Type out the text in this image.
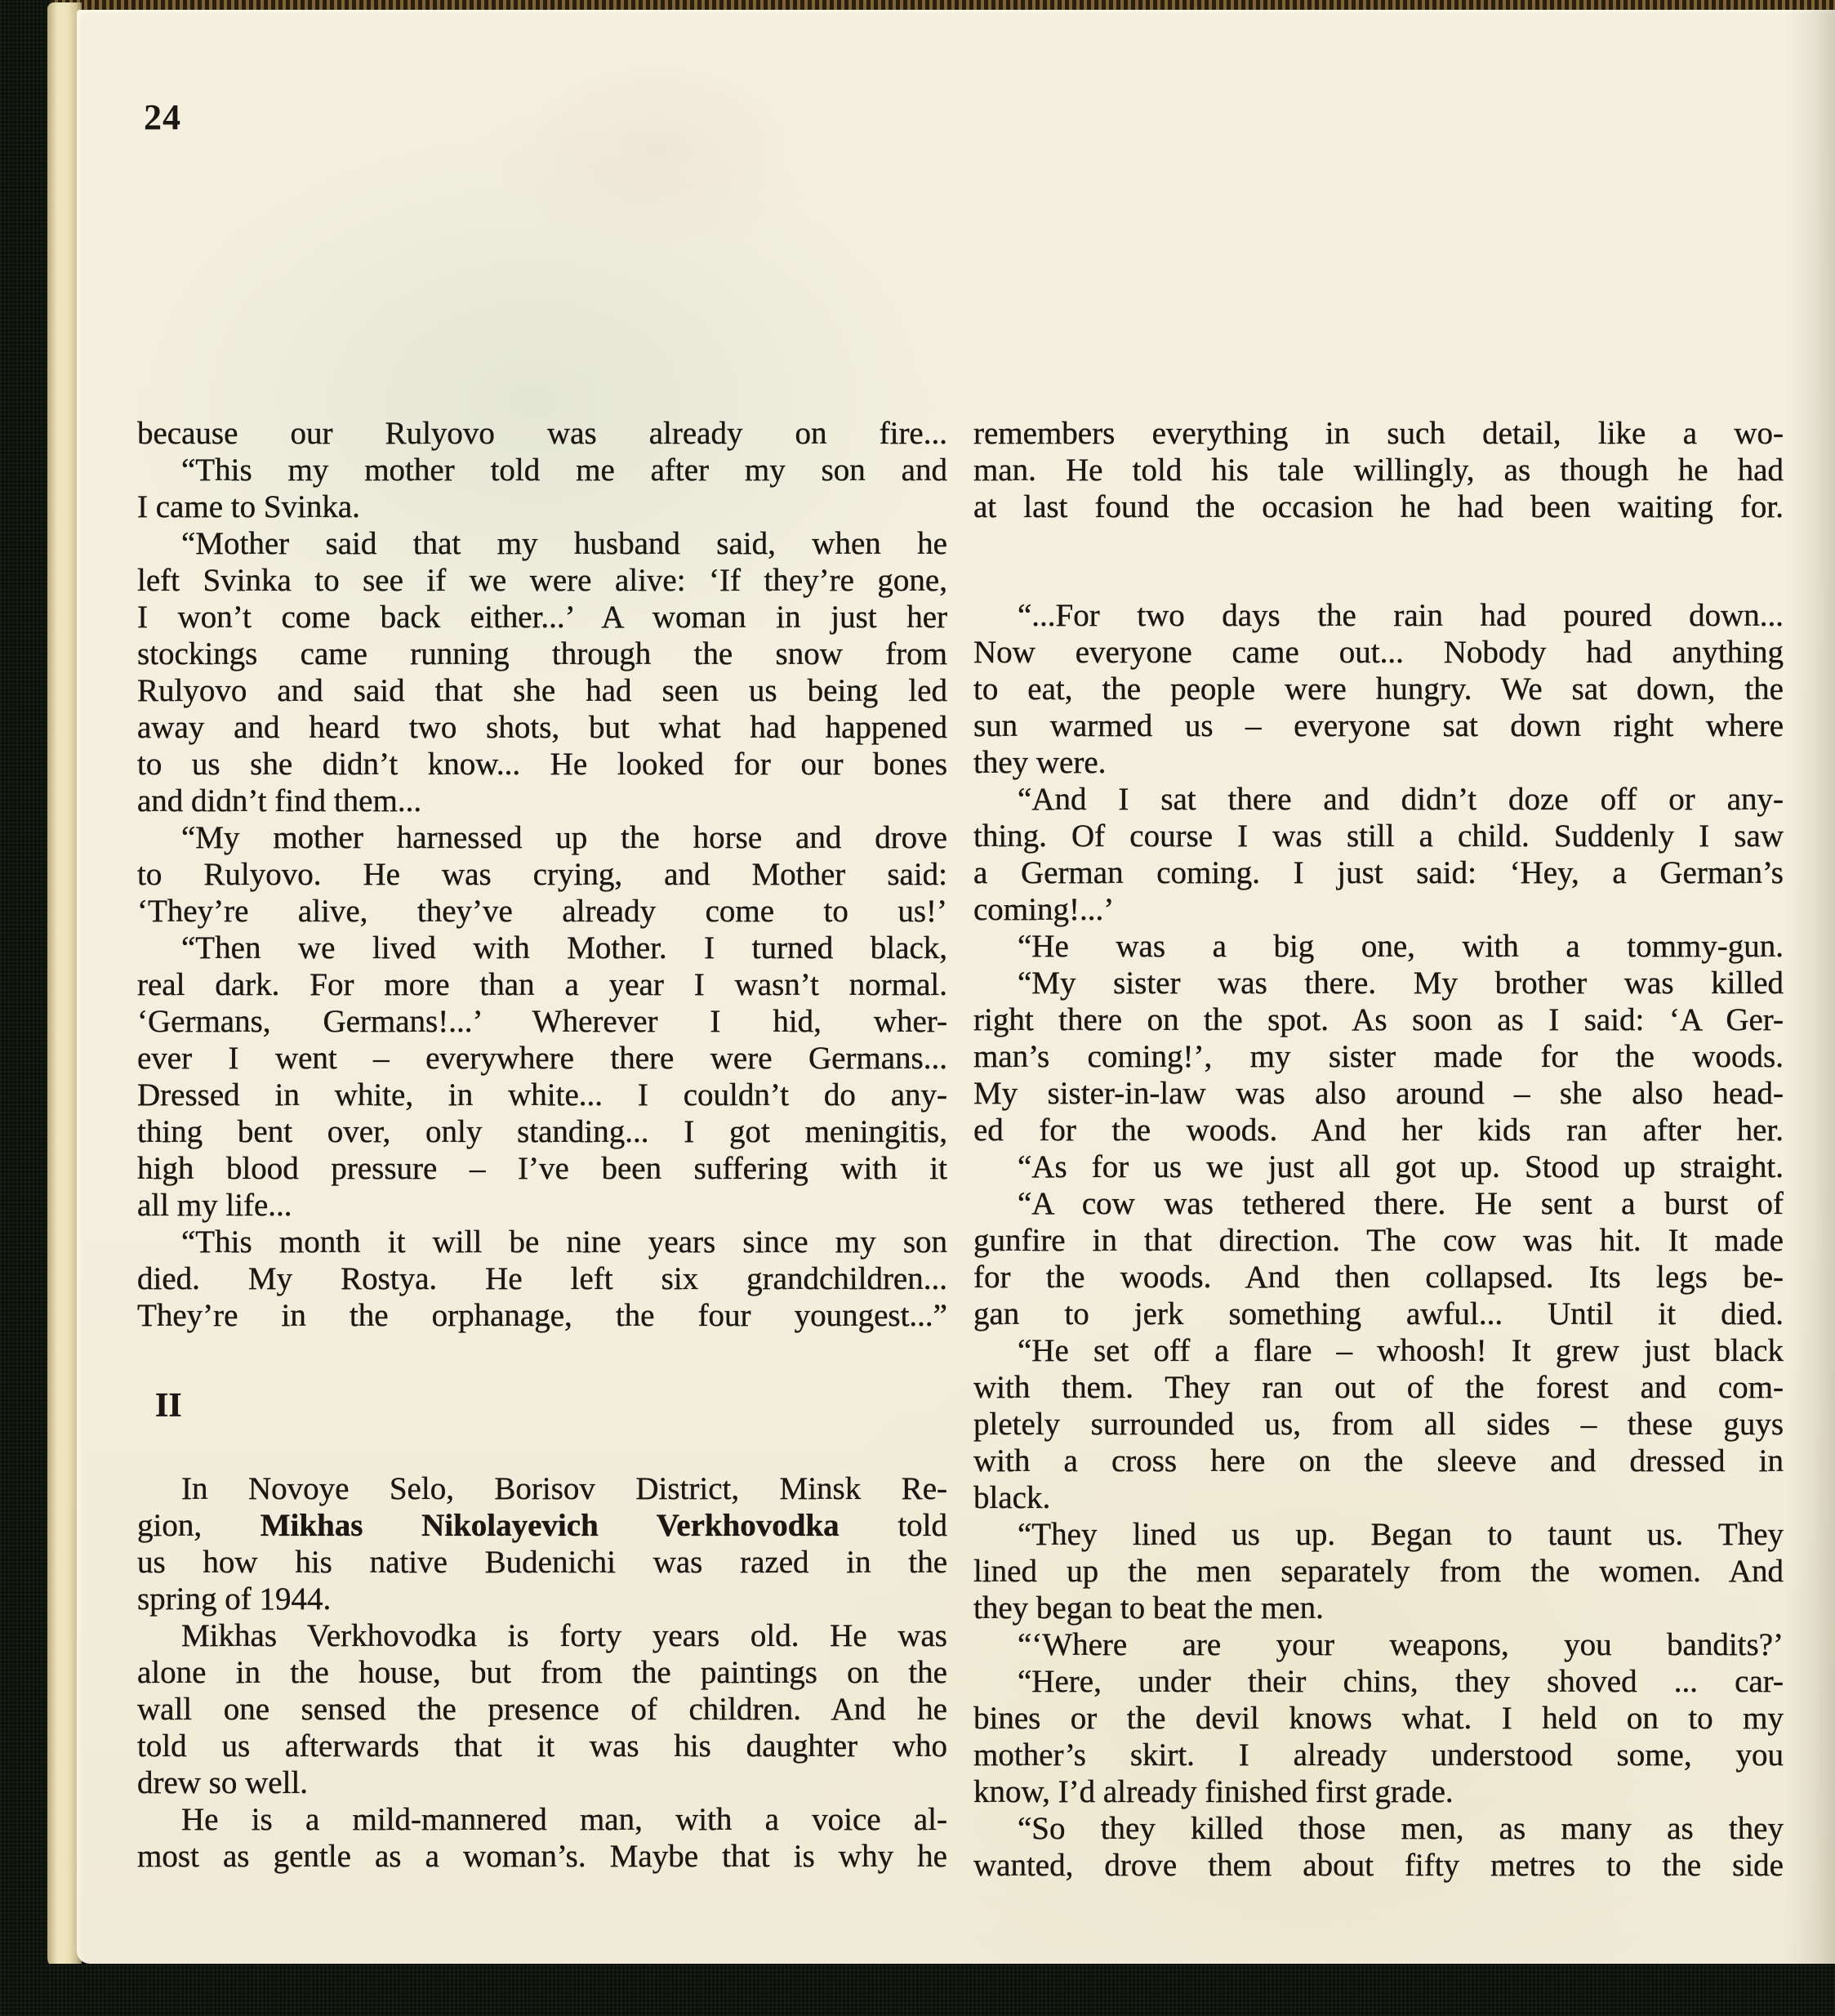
24
because our Rulyovo was already on fire...
“This my mother told me after my son and
I came to Svinka.
“Mother said that my husband said, when he
left Svinka to see if we were alive: ‘If they’re gone,
I won’t come back either...’ A woman in just her
stockings came running through the snow from
Rulyovo and said that she had seen us being led
away and heard two shots, but what had happened
to us she didn’t know... He looked for our bones
and didn’t find them...
“My mother harnessed up the horse and drove
to Rulyovo. He was crying, and Mother said:
‘They’re alive, they’ve already come to us!’
“Then we lived with Mother. I turned black,
real dark. For more than a year I wasn’t normal.
‘Germans, Germans!...’ Wherever I hid, wher-
ever I went – everywhere there were Germans...
Dressed in white, in white... I couldn’t do any-
thing bent over, only standing... I got meningitis,
high blood pressure – I’ve been suffering with it
all my life...
“This month it will be nine years since my son
died. My Rostya. He left six grandchildren...
They’re in the orphanage, the four youngest...”
II
In Novoye Selo, Borisov District, Minsk Re-
gion, Mikhas Nikolayevich Verkhovodka told
us how his native Budenichi was razed in the
spring of 1944.
Mikhas Verkhovodka is forty years old. He was
alone in the house, but from the paintings on the
wall one sensed the presence of children. And he
told us afterwards that it was his daughter who
drew so well.
He is a mild-mannered man, with a voice al-
most as gentle as a woman’s. Maybe that is why he
remembers everything in such detail, like a wo-
man. He told his tale willingly, as though he had
at last found the occasion he had been waiting for.
“...For two days the rain had poured down...
Now everyone came out... Nobody had anything
to eat, the people were hungry. We sat down, the
sun warmed us – everyone sat down right where
they were.
“And I sat there and didn’t doze off or any-
thing. Of course I was still a child. Suddenly I saw
a German coming. I just said: ‘Hey, a German’s
coming!...’
“He was a big one, with a tommy-gun.
“My sister was there. My brother was killed
right there on the spot. As soon as I said: ‘A Ger-
man’s coming!’, my sister made for the woods.
My sister-in-law was also around – she also head-
ed for the woods. And her kids ran after her.
“As for us we just all got up. Stood up straight.
“A cow was tethered there. He sent a burst of
gunfire in that direction. The cow was hit. It made
for the woods. And then collapsed. Its legs be-
gan to jerk something awful... Until it died.
“He set off a flare – whoosh! It grew just black
with them. They ran out of the forest and com-
pletely surrounded us, from all sides – these guys
with a cross here on the sleeve and dressed in
black.
“They lined us up. Began to taunt us. They
lined up the men separately from the women. And
they began to beat the men.
“‘Where are your weapons, you bandits?’
“Here, under their chins, they shoved ... car-
bines or the devil knows what. I held on to my
mother’s skirt. I already understood some, you
know, I’d already finished first grade.
“So they killed those men, as many as they
wanted, drove them about fifty metres to the side
